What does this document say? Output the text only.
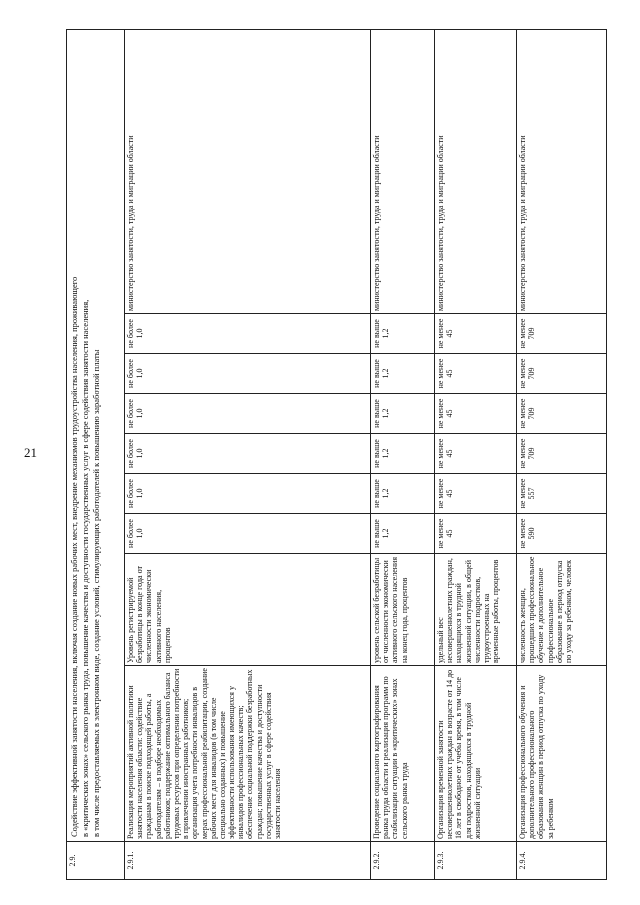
21
2.9.	Содействие эффективной занятости населения, включая создание новых рабочих мест, внедрение механизмов трудоустройства населения, проживающего в «критических зонах» сельского рынка труда, повышение качества и доступности государственных услуг в сфере содействия занятости населения, в том числе предоставляемых в электронном виде, создание условий, стимулирующих работодателей к повышению заработной платы								

2.9.1.	Реализация мероприятий активной политики занятости населения области: содействие гражданам в поиске подходящей работы, а работодателям – в подборе необходимых работников; поддержание оптимального баланса трудовых ресурсов при определении потребности в привлечении иностранных работников; организация учета потребности инвалидов в мерах профессиональной реабилитации, создание рабочих мест для инвалидов (в том числе специально созданных) и повышение эффективности использования имеющихся у инвалидов профессиональных качеств; обеспечение социальной поддержки безработных граждан; повышение качества и доступности государственных услуг в сфере содействия занятости населения	Уровень регистрируемой безработицы в конце года от численности экономически активного населения, процентов	не более 1,0	не более 1,0	не более 1,0	не более 1,0	не более 1,0	не более 1,0	министерство занятости, труда и миграции области
2.9.2.	Проведение социального картографирования рынка труда области и реализация программ по стабилизации ситуации в «критических» зонах сельского рынка труда	уровень сельской безработицы от численности экономически активного сельского населения на конец года, процентов	не выше 1,2	не выше 1,2	не выше 1,2	не выше 1,2	не выше 1,2	не выше 1,2	министерство занятости, труда и миграции области
2.9.3.	Организация временной занятости несовершеннолетних граждан в возрасте от 14 до 18 лет в свободное от учебы время, в том числе для подростков, находящихся в трудной жизненной ситуации	удельный вес несовершеннолетних граждан, находящихся в трудной жизненной ситуации, в общей численности подростков, трудоустроенных на временные работы, процентов	не менее 45	не менее 45	не менее 45	не менее 45	не менее 45	не менее 45	министерство занятости, труда и миграции области
2.9.4.	Организация профессионального обучения и дополнительного профессионального образования женщин в период отпуска по уходу за ребенком	численность женщин, прошедших профессиональное обучение и дополнительное профессиональное образование в период отпуска по уходу за ребенком, человек	не менее 590	не менее 557	не менее 709	не менее 709	не менее 709	не менее 709	министерство занятости, труда и миграции области
